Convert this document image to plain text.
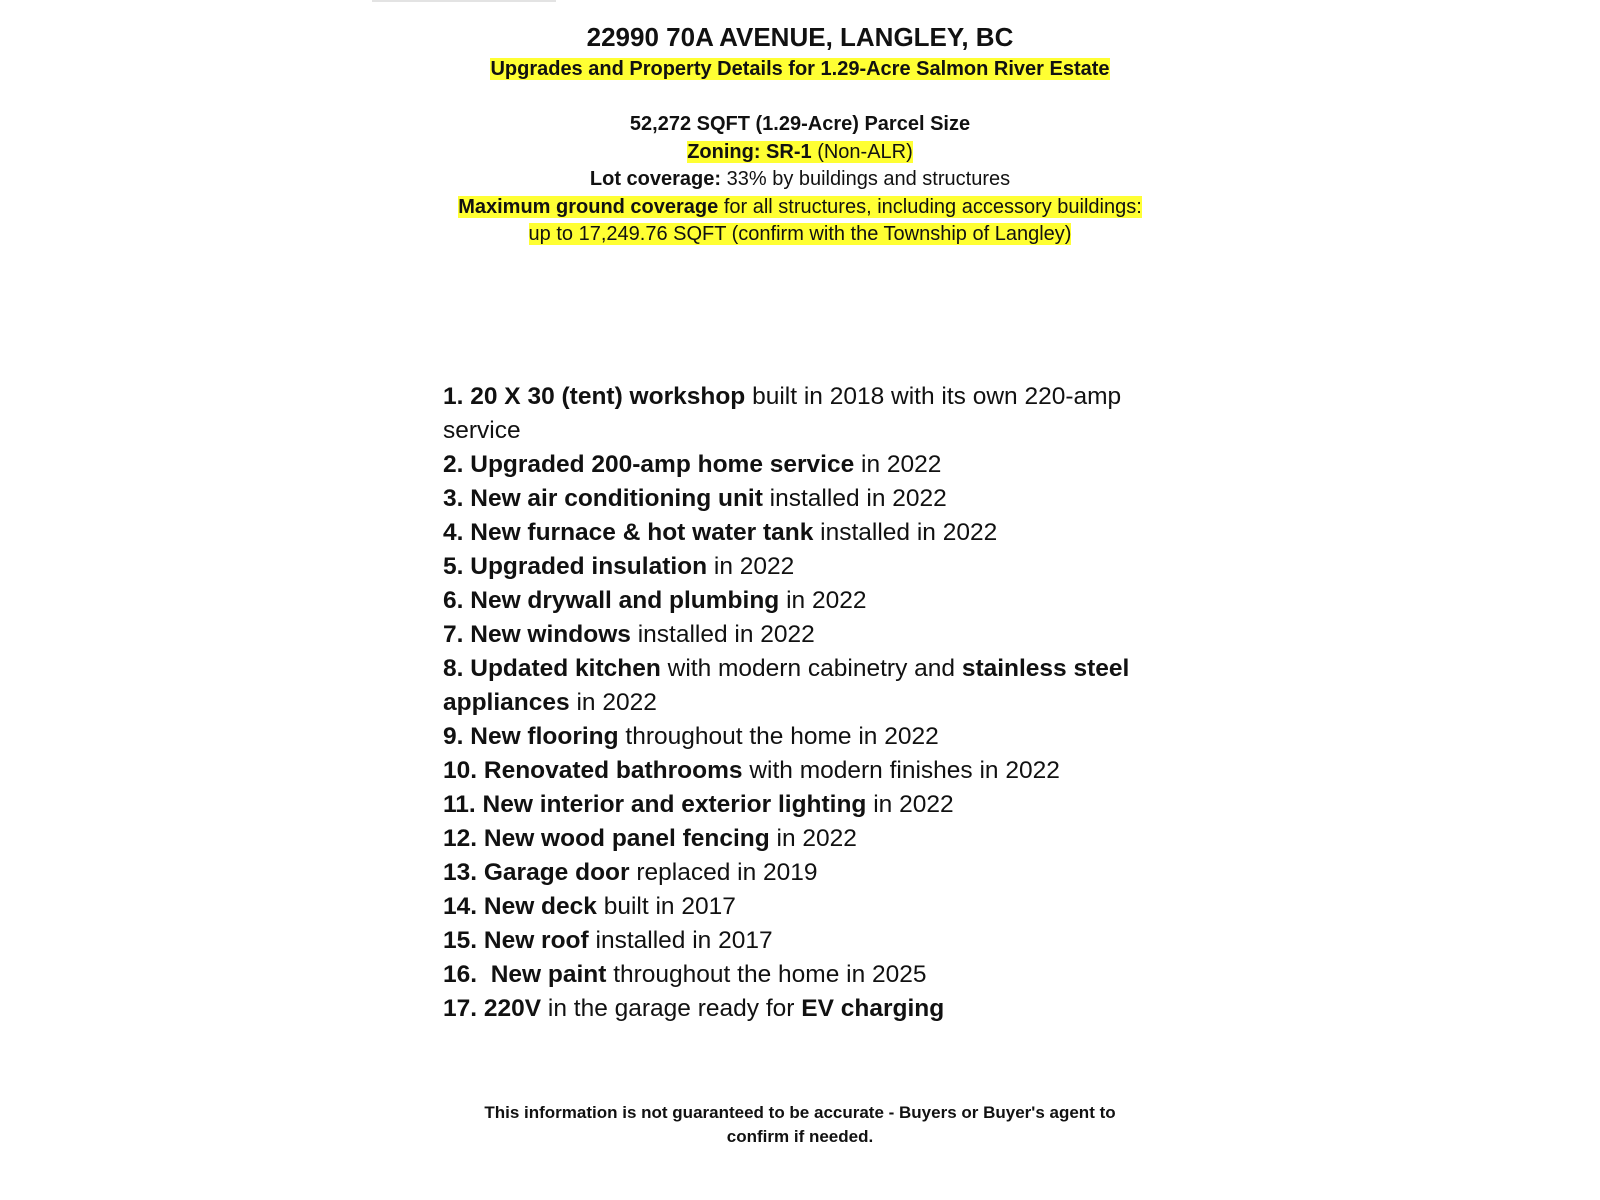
22990 70A AVENUE, LANGLEY, BC

Upgrades and Property Details for 1.29-Acre Salmon River Estate

52,272 SQFT (1.29-Acre) Parcel Size

Zoning: SR-1 (Non-ALR)

Lot coverage: 33% by buildings and structures

Maximum ground coverage for all structures, including accessory buildings:

up to 17,249.76 SQFT (confirm with the Township of Langley)

1. 20 X 30 (tent) workshop built in 2018 with its own 220-amp service
2. Upgraded 200-amp home service in 2022
3. New air conditioning unit installed in 2022
4. New furnace & hot water tank installed in 2022
5. Upgraded insulation in 2022
6. New drywall and plumbing in 2022
7. New windows installed in 2022
8. Updated kitchen with modern cabinetry and stainless steel appliances in 2022
9. New flooring throughout the home in 2022
10. Renovated bathrooms with modern finishes in 2022
11. New interior and exterior lighting in 2022
12. New wood panel fencing in 2022
13. Garage door replaced in 2019
14. New deck built in 2017
15. New roof installed in 2017
16.  New paint throughout the home in 2025
17. 220V in the garage ready for EV charging

This information is not guaranteed to be accurate - Buyers or Buyer's agent to

confirm if needed.
